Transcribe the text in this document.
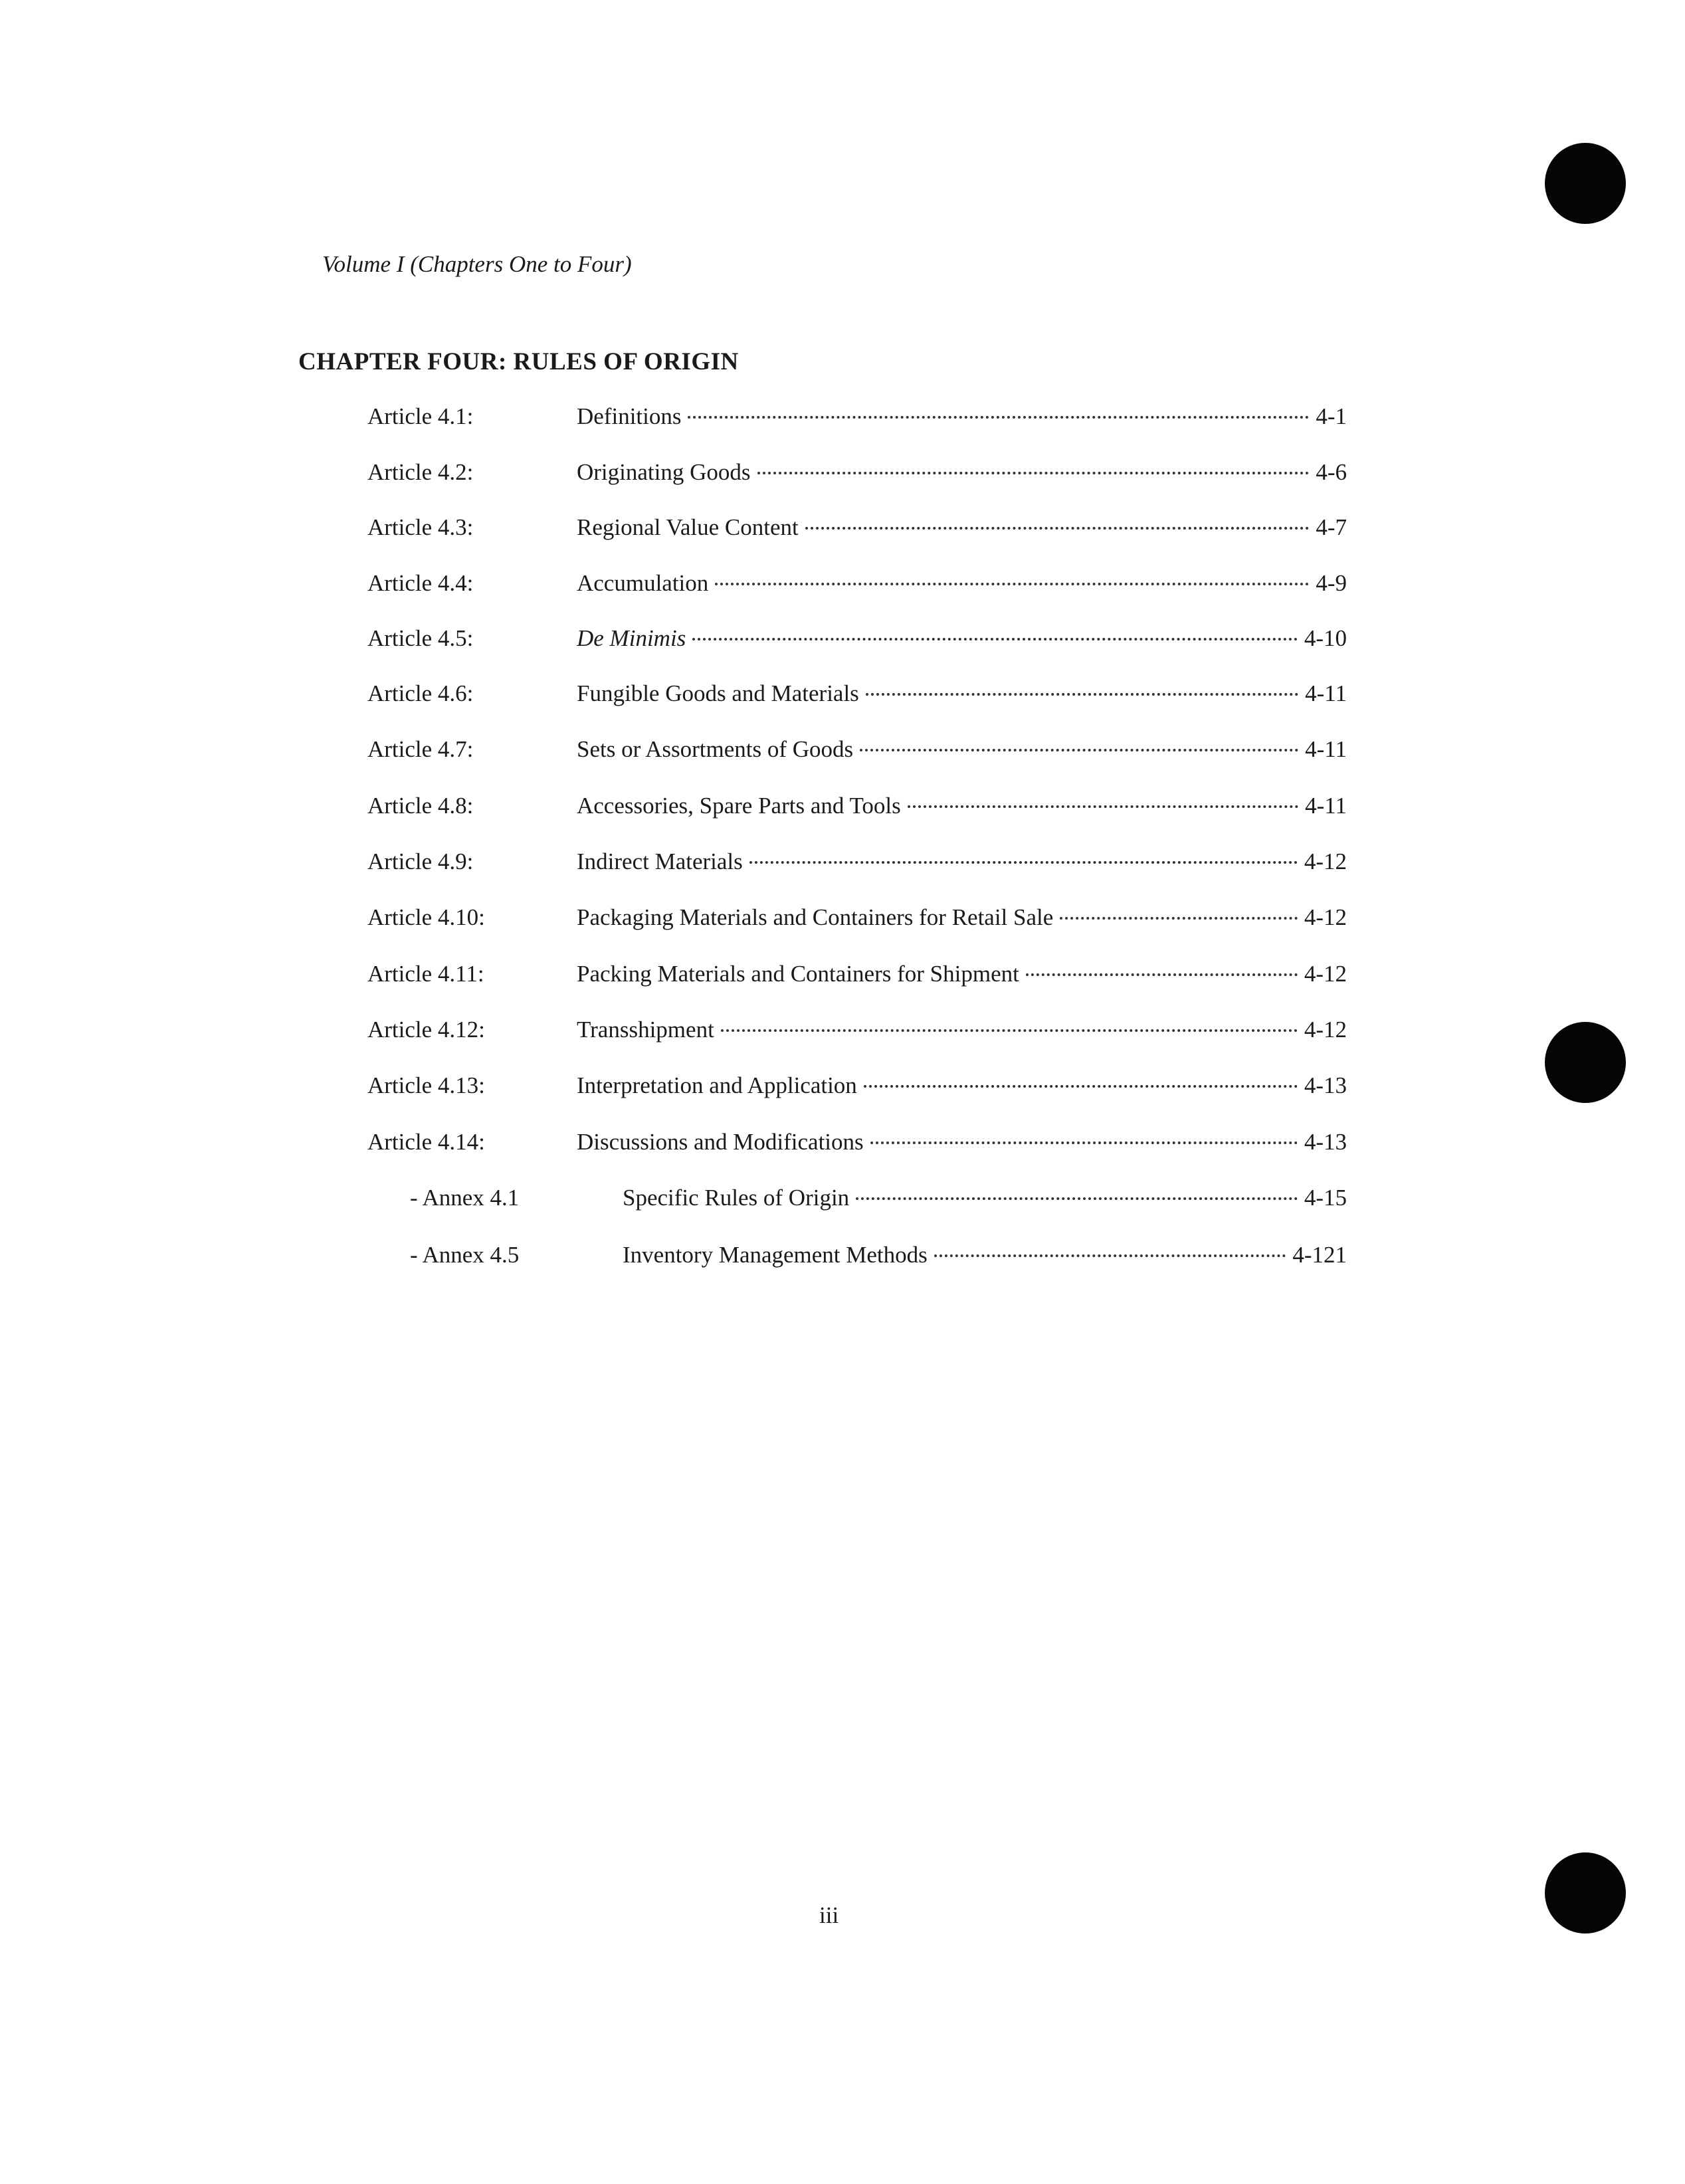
Volume I (Chapters One to Four)
CHAPTER FOUR: RULES OF ORIGIN
Article 4.1:	Definitions	4-1
Article 4.2:	Originating Goods	4-6
Article 4.3:	Regional Value Content	4-7
Article 4.4:	Accumulation	4-9
Article 4.5:	De Minimis	4-10
Article 4.6:	Fungible Goods and Materials	4-11
Article 4.7:	Sets or Assortments of Goods	4-11
Article 4.8:	Accessories, Spare Parts and Tools	4-11
Article 4.9:	Indirect Materials	4-12
Article 4.10:	Packaging Materials and Containers for Retail Sale	4-12
Article 4.11:	Packing Materials and Containers for Shipment	4-12
Article 4.12:	Transshipment	4-12
Article 4.13:	Interpretation and Application	4-13
Article 4.14:	Discussions and Modifications	4-13
- Annex 4.1	Specific Rules of Origin	4-15
- Annex 4.5	Inventory Management Methods	4-121
iii
